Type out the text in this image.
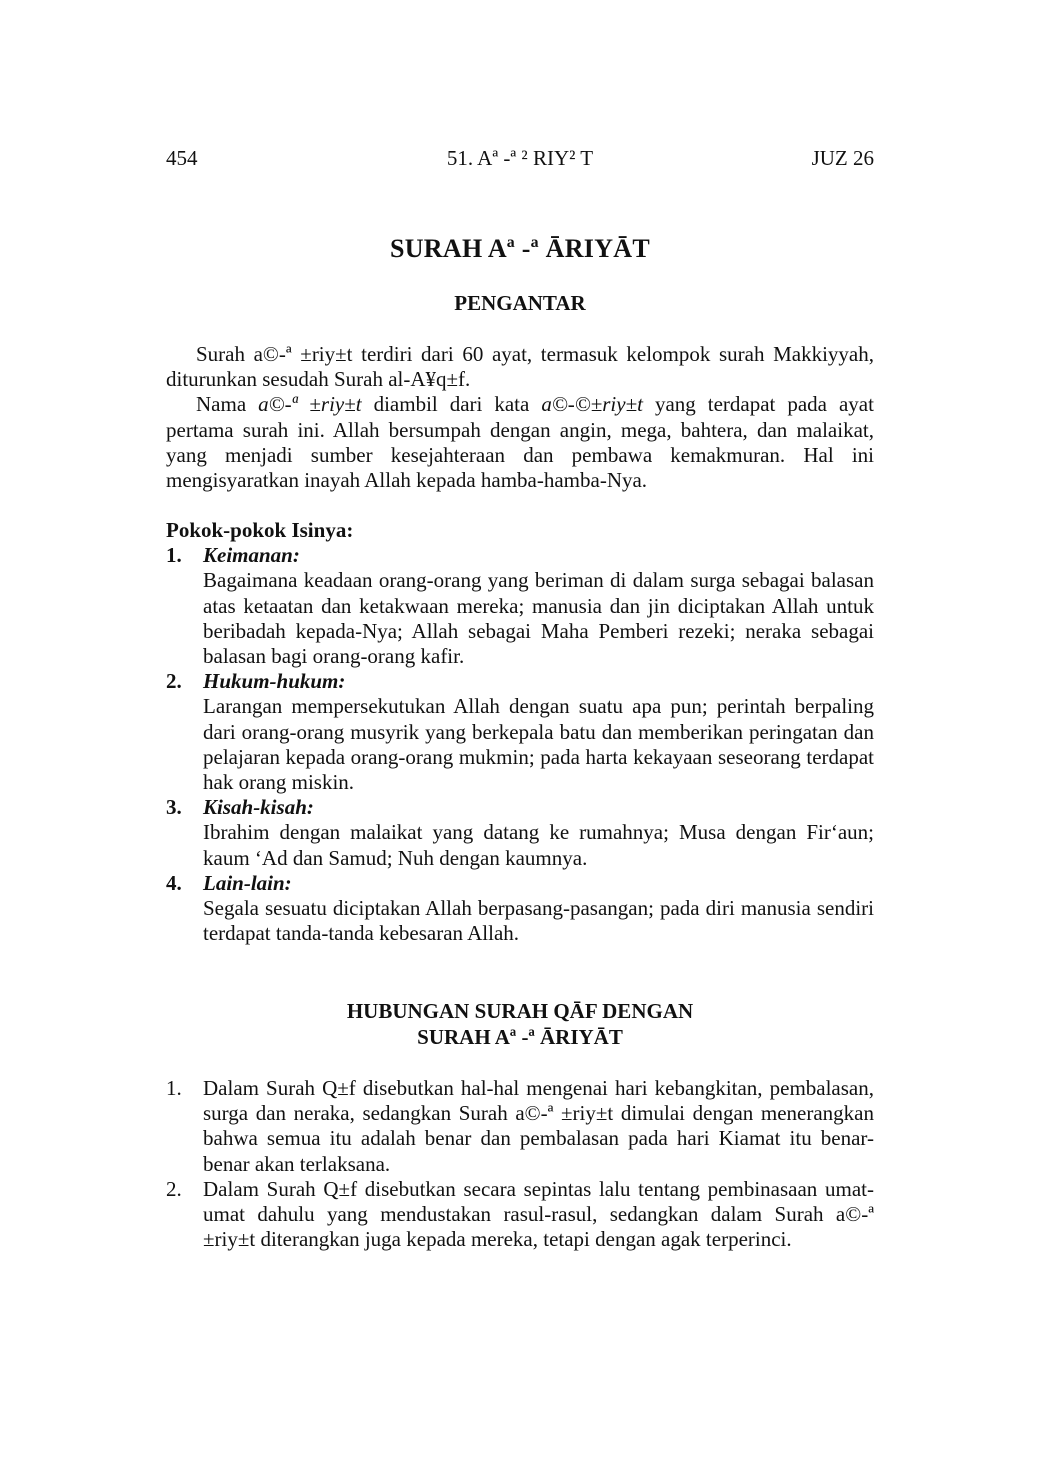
454	51. Aª -ª ² RIY² T	JUZ 26
SURAH Aª -ª ĀRIYĀT
PENGANTAR

Surah a©-ª ±riy±t terdiri dari 60 ayat, termasuk kelompok surah Makkiyyah, diturunkan sesudah Surah al-A¥q±f.

Nama a©-ª ±riy±t diambil dari kata a©-©±riy±t yang terdapat pada ayat pertama surah ini. Allah bersumpah dengan angin, mega, bahtera, dan malaikat, yang menjadi sumber kesejahteraan dan pembawa kemakmuran. Hal ini mengisyaratkan inayah Allah kepada hamba-hamba-Nya.

Pokok-pokok Isinya:
1. Keimanan:
Bagaimana keadaan orang-orang yang beriman di dalam surga sebagai balasan atas ketaatan dan ketakwaan mereka; manusia dan jin diciptakan Allah untuk beribadah kepada-Nya; Allah sebagai Maha Pemberi rezeki; neraka sebagai balasan bagi orang-orang kafir.
2. Hukum-hukum:
Larangan mempersekutukan Allah dengan suatu apa pun; perintah berpaling dari orang-orang musyrik yang berkepala batu dan memberikan peringatan dan pelajaran kepada orang-orang mukmin; pada harta kekayaan seseorang terdapat hak orang miskin.
3. Kisah-kisah:
Ibrahim dengan malaikat yang datang ke rumahnya; Musa dengan Fir‘aun; kaum ‘Ad dan Samud; Nuh dengan kaumnya.
4. Lain-lain:
Segala sesuatu diciptakan Allah berpasang-pasangan; pada diri manusia sendiri terdapat tanda-tanda kebesaran Allah.
HUBUNGAN SURAH QĀF DENGAN
SURAH Aª -ª ĀRIYĀT
1. Dalam Surah Q±f disebutkan hal-hal mengenai hari kebangkitan, pembalasan, surga dan neraka, sedangkan Surah a©-ª ±riy±t dimulai dengan menerangkan bahwa semua itu adalah benar dan pembalasan pada hari Kiamat itu benar-benar akan terlaksana.
2. Dalam Surah Q±f disebutkan secara sepintas lalu tentang pembinasaan umat-umat dahulu yang mendustakan rasul-rasul, sedangkan dalam Surah a©-ª ±riy±t diterangkan juga kepada mereka, tetapi dengan agak terperinci.
